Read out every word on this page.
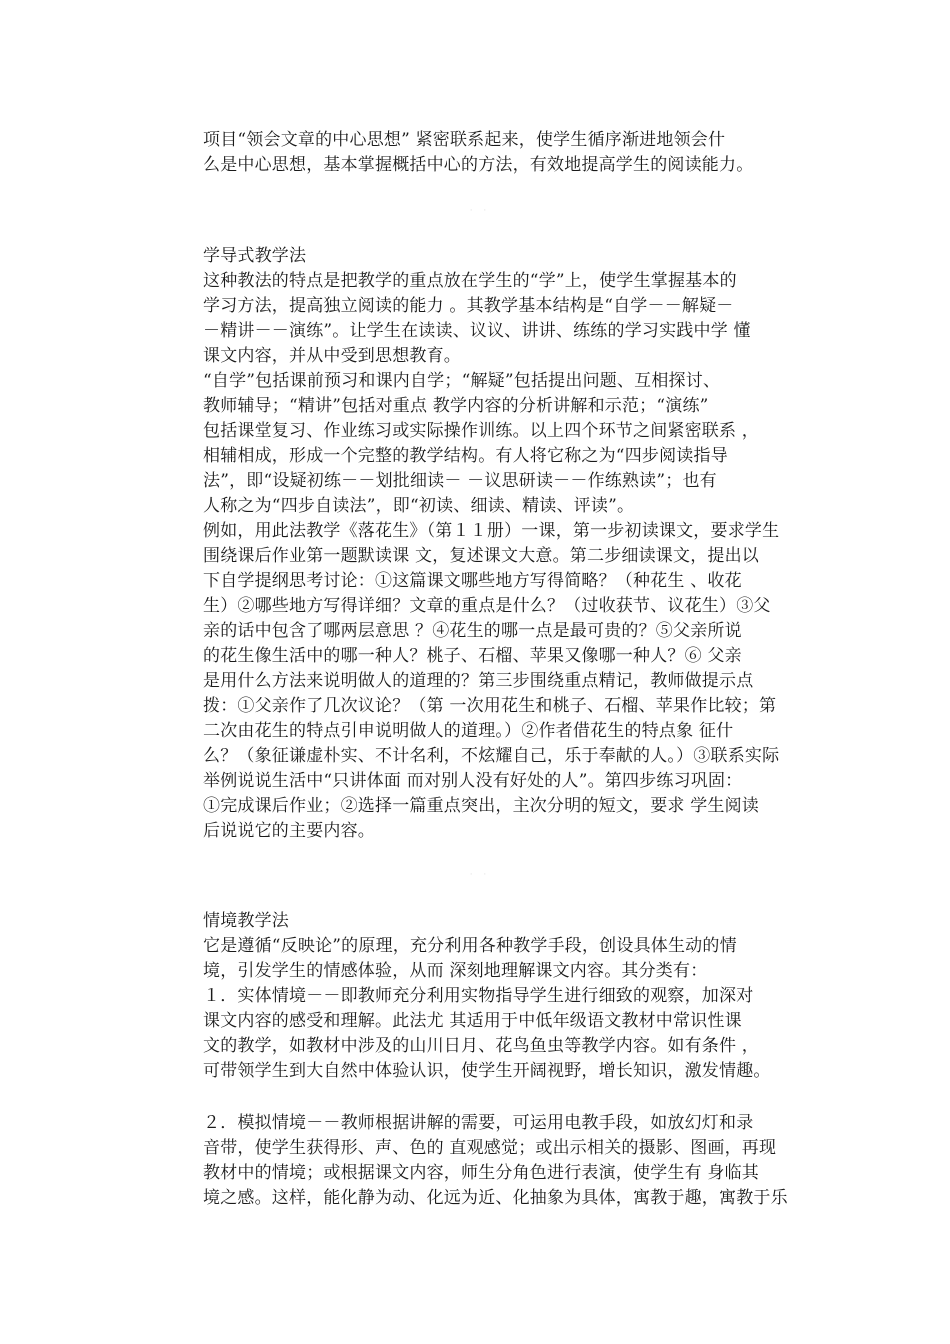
项目“领会文章的中心思想” 紧密联系起来，使学生循序渐进地领会什
么是中心思想，基本掌握概括中心的方法，有效地提高学生的阅读能力。
· ·
学导式教学法
这种教法的特点是把教学的重点放在学生的“学”上，使学生掌握基本的
学习方法，提高独立阅读的能力 。其教学基本结构是“自学－－解疑－
－精讲－－演练”。让学生在读读、议议、讲讲、练练的学习实践中学 懂
课文内容，并从中受到思想教育。
“自学”包括课前预习和课内自学；“解疑”包括提出问题、互相探讨、
教师辅导；“精讲”包括对重点 教学内容的分析讲解和示范；“演练”
包括课堂复习、作业练习或实际操作训练。以上四个环节之间紧密联系 ，
相辅相成，形成一个完整的教学结构。有人将它称之为“四步阅读指导
法”，即“设疑初练－－划批细读－ －议思研读－－作练熟读”；也有
人称之为“四步自读法”，即“初读、细读、精读、评读”。
例如，用此法教学《落花生》（第１１册）一课，第一步初读课文，要求学生
围绕课后作业第一题默读课 文，复述课文大意。第二步细读课文，提出以
下自学提纲思考讨论：①这篇课文哪些地方写得简略？（种花生 、收花
生）②哪些地方写得详细？文章的重点是什么？（过收获节、议花生）③父
亲的话中包含了哪两层意思 ？④花生的哪一点是最可贵的？⑤父亲所说
的花生像生活中的哪一种人？桃子、石榴、苹果又像哪一种人？⑥ 父亲
是用什么方法来说明做人的道理的？第三步围绕重点精记，教师做提示点
拨：①父亲作了几次议论？（第 一次用花生和桃子、石榴、苹果作比较；第
二次由花生的特点引申说明做人的道理。）②作者借花生的特点象 征什
么？（象征谦虚朴实、不计名利，不炫耀自己，乐于奉献的人。）③联系实际
举例说说生活中“只讲体面 而对别人没有好处的人”。第四步练习巩固：
①完成课后作业；②选择一篇重点突出，主次分明的短文，要求 学生阅读
后说说它的主要内容。
· ·
情境教学法
它是遵循“反映论”的原理，充分利用各种教学手段，创设具体生动的情
境，引发学生的情感体验，从而 深刻地理解课文内容。其分类有：
１．实体情境－－即教师充分利用实物指导学生进行细致的观察，加深对
课文内容的感受和理解。此法尤 其适用于中低年级语文教材中常识性课
文的教学，如教材中涉及的山川日月、花鸟鱼虫等教学内容。如有条件 ，
可带领学生到大自然中体验认识，使学生开阔视野，增长知识，激发情趣。
２．模拟情境－－教师根据讲解的需要，可运用电教手段，如放幻灯和录
音带，使学生获得形、声、色的 直观感觉；或出示相关的摄影、图画，再现
教材中的情境；或根据课文内容，师生分角色进行表演，使学生有 身临其
境之感。这样，能化静为动、化远为近、化抽象为具体，寓教于趣，寓教于乐
